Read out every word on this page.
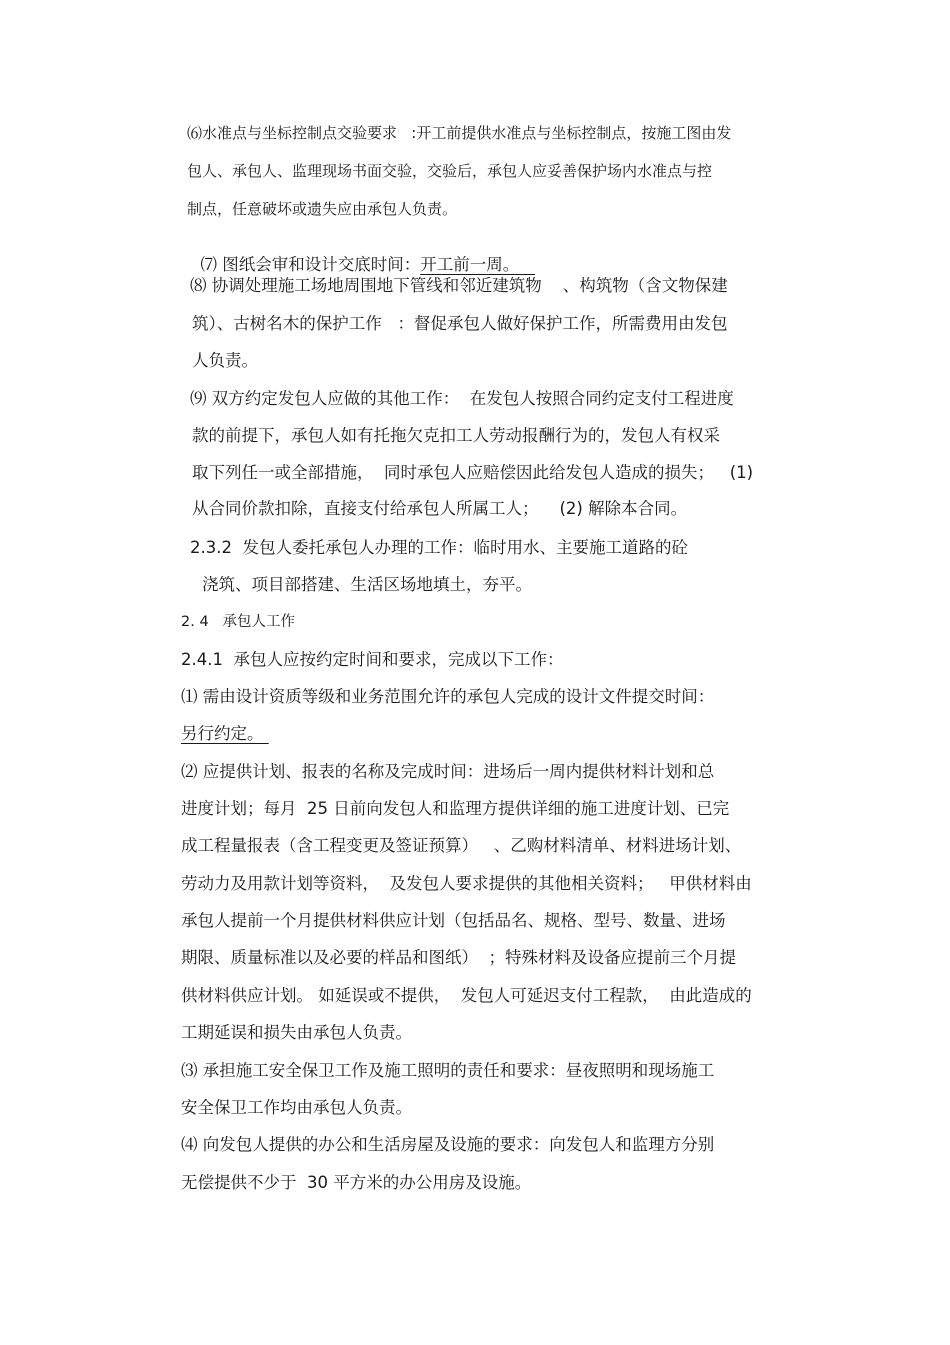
⑹水准点与坐标控制点交验要求   :开工前提供水准点与坐标控制点，按施工图由发
包人、承包人、监理现场书面交验，交验后，承包人应妥善保护场内水准点与控
制点，任意破坏或遗失应由承包人负责。

⑺ 图纸会审和设计交底时间：开工前一周。

⑻ 协调处理施工场地周围地下管线和邻近建筑物    、构筑物（含文物保建
筑）、古树名木的保护工作   ：督促承包人做好保护工作，所需费用由发包
人负责。
⑼ 双方约定发包人应做的其他工作：  在发包人按照合同约定支付工程进度
款的前提下，承包人如有托拖欠克扣工人劳动报酬行为的，发包人有权采
取下列任一或全部措施，  同时承包人应赔偿因此给发包人造成的损失；   (1)
从合同价款扣除，直接支付给承包人所属工人；    (2) 解除本合同。
2.3.2  发包人委托承包人办理的工作：临时用水、主要施工道路的砼
浇筑、项目部搭建、生活区场地填土，夯平。
2. 4   承包人工作
2.4.1  承包人应按约定时间和要求，完成以下工作：
⑴ 需由设计资质等级和业务范围允许的承包人完成的设计文件提交时间：
另行约定。
⑵ 应提供计划、报表的名称及完成时间：进场后一周内提供材料计划和总
进度计划；每月  25 日前向发包人和监理方提供详细的施工进度计划、已完
成工程量报表（含工程变更及签证预算）   、乙购材料清单、材料进场计划、
劳动力及用款计划等资料，  及发包人要求提供的其他相关资料；   甲供材料由
承包人提前一个月提供材料供应计划（包括品名、规格、型号、数量、进场
期限、质量标准以及必要的样品和图纸）  ；特殊材料及设备应提前三个月提
供材料供应计划。 如延误或不提供，  发包人可延迟支付工程款，  由此造成的
工期延误和损失由承包人负责。
⑶ 承担施工安全保卫工作及施工照明的责任和要求：昼夜照明和现场施工
安全保卫工作均由承包人负责。
⑷ 向发包人提供的办公和生活房屋及设施的要求：向发包人和监理方分别
无偿提供不少于  30 平方米的办公用房及设施。
